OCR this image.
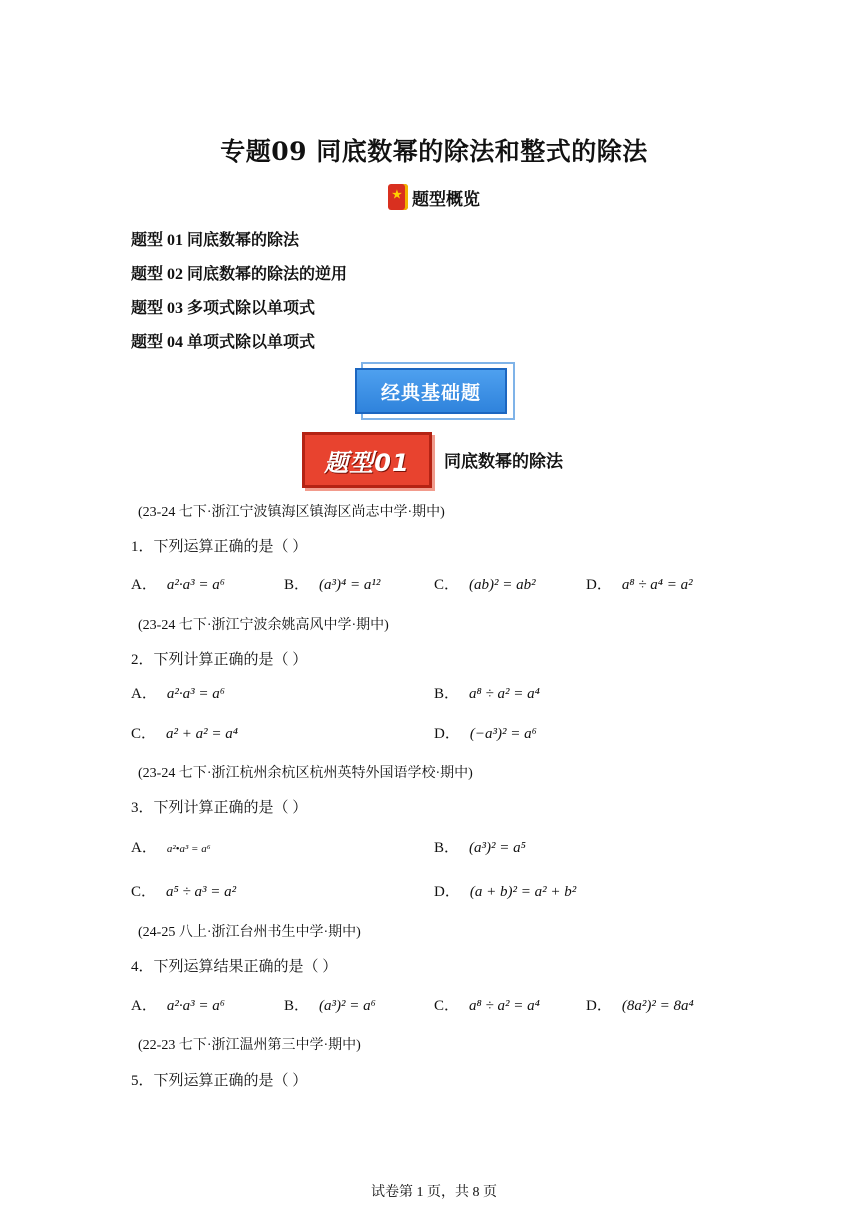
专题09 同底数幂的除法和整式的除法
★ 题型概览
题型 01 同底数幂的除法
题型 02 同底数幂的除法的逆用
题型 03 多项式除以单项式
题型 04 单项式除以单项式
经典基础题
题型01	同底数幂的除法
(23-24 七下·浙江宁波镇海区镇海区尚志中学·期中)
1．下列运算正确的是（ ）
A． a²·a³ = a⁶	B． (a³)⁴ = a¹²	C． (ab)² = ab²	D． a⁸ ÷ a⁴ = a²
(23-24 七下·浙江宁波余姚高风中学·期中)
2．下列计算正确的是（ ）
A． a²·a³ = a⁶	B． a⁸ ÷ a² = a⁴
C． a² + a² = a⁴	D． (−a³)² = a⁶
(23-24 七下·浙江杭州余杭区杭州英特外国语学校·期中)
3．下列计算正确的是（ ）
A． a²•a³ = a⁶	B． (a³)² = a⁵
C． a⁵ ÷ a³ = a²	D． (a + b)² = a² + b²
(24-25 八上·浙江台州书生中学·期中)
4．下列运算结果正确的是（ ）
A． a²·a³ = a⁶	B． (a³)² = a⁶	C． a⁸ ÷ a² = a⁴	D． (8a²)² = 8a⁴
(22-23 七下·浙江温州第三中学·期中)
5．下列运算正确的是（ ）
试卷第 1 页，共 8 页
